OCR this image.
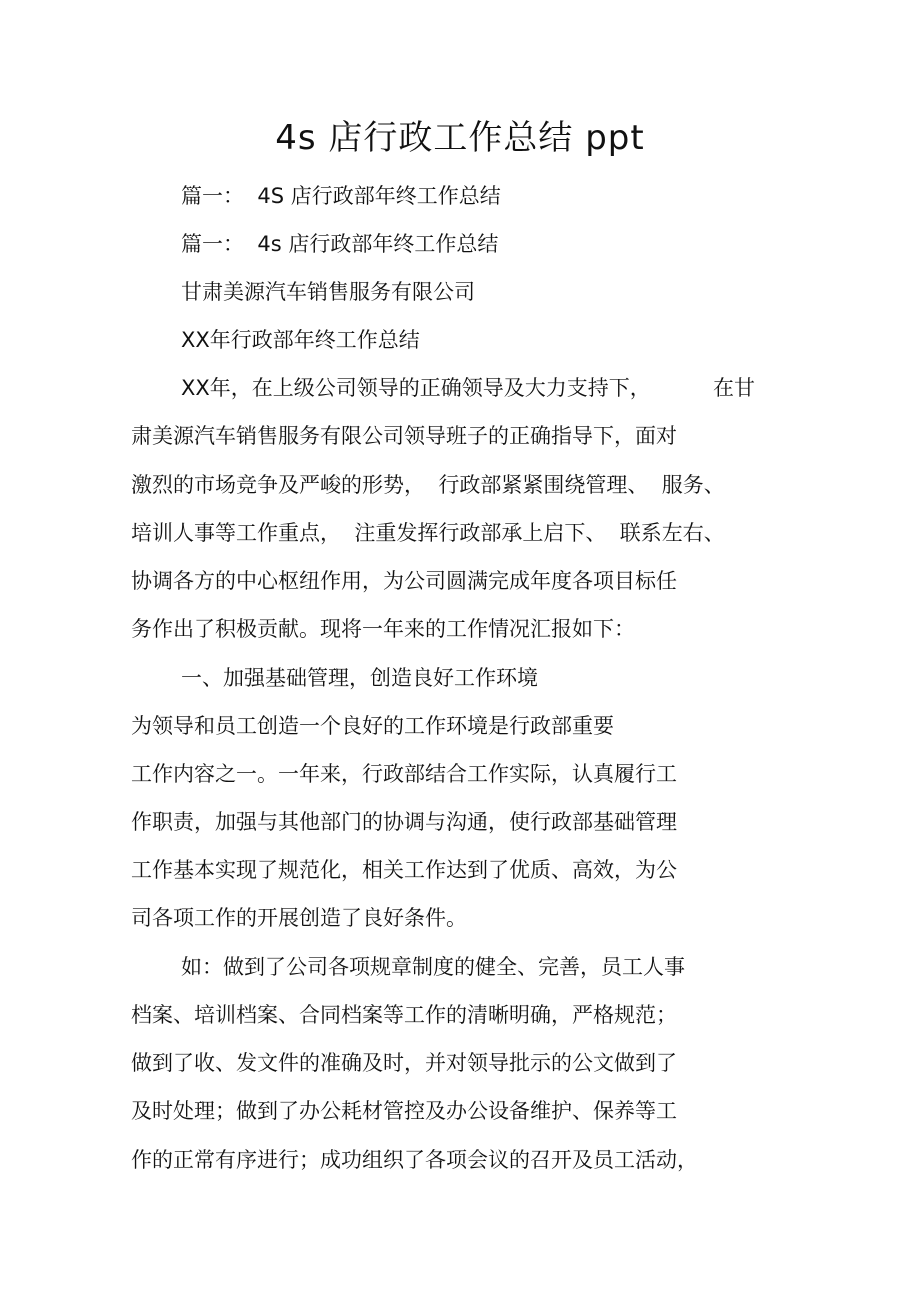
4s 店行政工作总结 ppt
篇一：  4S 店行政部年终工作总结
篇一：  4s 店行政部年终工作总结
甘肃美源汽车销售服务有限公司
XX年行政部年终工作总结
XX年，在上级公司领导的正确领导及大力支持下，	在甘
肃美源汽车销售服务有限公司领导班子的正确指导下，面对
激烈的市场竞争及严峻的形势，  行政部紧紧围绕管理、  服务、
培训人事等工作重点，  注重发挥行政部承上启下、  联系左右、
协调各方的中心枢纽作用，为公司圆满完成年度各项目标任
务作出了积极贡献。现将一年来的工作情况汇报如下：
一、加强基础管理，创造良好工作环境
为领导和员工创造一个良好的工作环境是行政部重要
工作内容之一。一年来，行政部结合工作实际，认真履行工
作职责，加强与其他部门的协调与沟通，使行政部基础管理
工作基本实现了规范化，相关工作达到了优质、高效，为公
司各项工作的开展创造了良好条件。
如：做到了公司各项规章制度的健全、完善，员工人事
档案、培训档案、合同档案等工作的清晰明确，严格规范；
做到了收、发文件的准确及时，并对领导批示的公文做到了
及时处理；做到了办公耗材管控及办公设备维护、保养等工
作的正常有序进行；成功组织了各项会议的召开及员工活动，
